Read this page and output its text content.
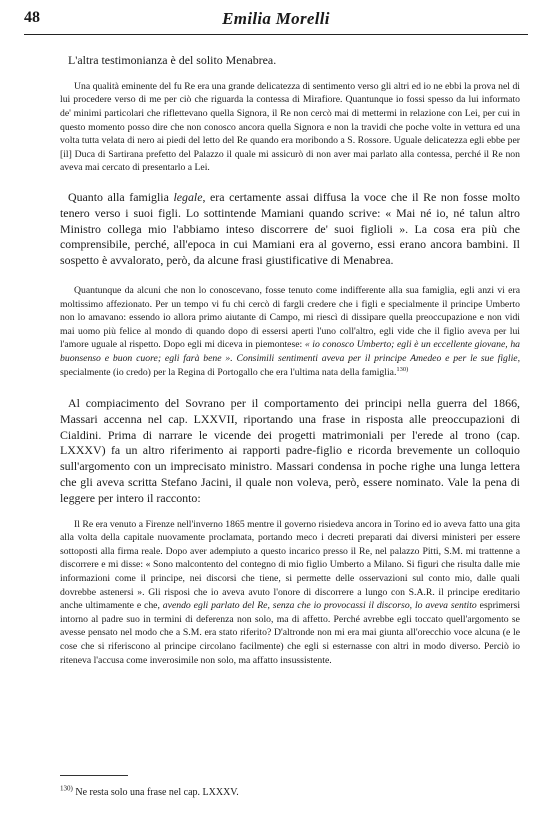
48	Emilia Morelli

L'altra testimonianza è del solito Menabrea.

Una qualità eminente del fu Re era una grande delicatezza di sentimento verso gli altri ed io ne ebbi la prova nel di lui procedere verso di me per ciò che riguarda la contessa di Mirafiore. Quantunque io fossi spesso da lui informato de' minimi particolari che riflettevano quella Signora, il Re non cercò mai di mettermi in relazione con Lei, per cui in questo momento posso dire che non conosco ancora quella Signora e non la travidi che poche volte in vettura ed una volta tutta velata di nero ai piedi del letto del Re quando era moribondo a S. Rossore. Uguale delicatezza egli ebbe per [il] Duca di Sartirana prefetto del Palazzo il quale mi assicurò di non aver mai parlato alla contessa, perché il Re non aveva mai cercato di presentarlo a Lei.

Quanto alla famiglia legale, era certamente assai diffusa la voce che il Re non fosse molto tenero verso i suoi figli. Lo sottintende Mamiani quando scrive: « Mai né io, né talun altro Ministro collega mio l'abbiamo inteso discorrere de' suoi figlioli ». La cosa era più che comprensibile, perché, all'epoca in cui Mamiani era al governo, essi erano ancora bambini. Il sospetto è avvalorato, però, da alcune frasi giustificative di Menabrea.

Quantunque da alcuni che non lo conoscevano, fosse tenuto come indifferente alla sua famiglia, egli anzi vi era moltissimo affezionato. Per un tempo vi fu chi cercò di fargli credere che i figli e specialmente il principe Umberto non lo amavano: essendo io allora primo aiutante di Campo, mi riescì di dissipare quella preoccupazione e non vidi mai uomo più felice al mondo di quando dopo di essersi aperti l'uno coll'altro, egli vide che il figlio aveva per lui l'amore uguale al rispetto. Dopo egli mi diceva in piemontese: « io conosco Umberto; egli è un eccellente giovane, ha buonsenso e buon cuore; egli farà bene ». Consimili sentimenti aveva per il principe Amedeo e per le sue figlie, specialmente (io credo) per la Regina di Portogallo che era l'ultima nata della famiglia.$^{130)}$

Al compiacimento del Sovrano per il comportamento dei principi nella guerra del 1866, Massari accenna nel cap. LXXVII, riportando una frase in risposta alle preoccupazioni di Cialdini. Prima di narrare le vicende dei progetti matrimoniali per l'erede al trono (cap. LXXXV) fa un altro riferimento ai rapporti padre-figlio e ricorda brevemente un colloquio sull'argomento con un imprecisato ministro. Massari condensa in poche righe una lunga lettera che gli aveva scritta Stefano Jacini, il quale non voleva, però, essere nominato. Vale la pena di leggere per intero il racconto:

Il Re era venuto a Firenze nell'inverno 1865 mentre il governo risiedeva ancora in Torino ed io aveva fatto una gita alla volta della capitale nuovamente proclamata, portando meco i decreti preparati dai diversi ministeri per essere sottoposti alla firma reale. Dopo aver adempiuto a questo incarico presso il Re, nel palazzo Pitti, S.M. mi trattenne a discorrere e mi disse: « Sono malcontento del contegno di mio figlio Umberto a Milano. Si figuri che risulta dalle mie informazioni come il principe, nei discorsi che tiene, si permette delle osservazioni sul conto mio, dalle quali dovrebbe astenersi ». Gli risposi che io aveva avuto l'onore di discorrere a lungo con S.A.R. il principe ereditario anche ultimamente e che, avendo egli parlato del Re, senza che io provocassi il discorso, lo aveva sentito esprimersi intorno al padre suo in termini di deferenza non solo, ma di affetto. Perché avrebbe egli toccato quell'argomento se avesse pensato nel modo che a S.M. era stato riferito? D'altronde non mi era mai giunta all'orecchio voce alcuna (e le cose che si riferiscono al principe circolano facilmente) che egli si esternasse con altri in modo diverso. Perciò io riteneva l'accusa come inverosimile non solo, ma affatto insussistente.

$^{130)}$ Ne resta solo una frase nel cap. LXXXV.
